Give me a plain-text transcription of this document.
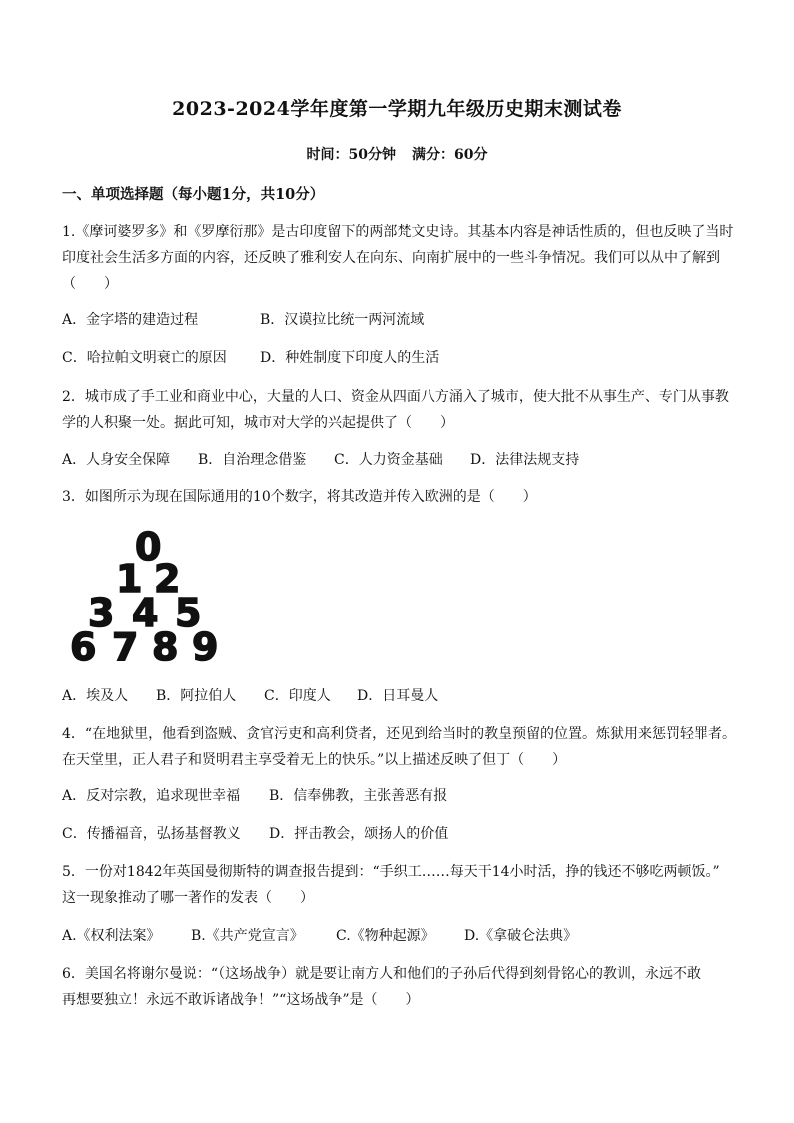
2023-2024学年度第一学期九年级历史期末测试卷
时间：50分钟 满分：60分
一、单项选择题（每小题1分，共10分）
1.《摩诃婆罗多》和《罗摩衍那》是古印度留下的两部梵文史诗。其基本内容是神话性质的，但也反映了当时
印度社会生活多方面的内容，还反映了雅利安人在向东、向南扩展中的一些斗争情况。我们可以从中了解到
（　　）
A．金字塔的建造过程	B．汉谟拉比统一两河流域
C．哈拉帕文明衰亡的原因 D．种姓制度下印度人的生活
2．城市成了手工业和商业中心，大量的人口、资金从四面八方涌入了城市，使大批不从事生产、专门从事教
学的人积聚一处。据此可知，城市对大学的兴起提供了（　　）
A．人身安全保障 B．自治理念借鉴 C．人力资金基础 D．法律法规支持
3．如图所示为现在国际通用的10个数字，将其改造并传入欧洲的是（　　）
0
1 2
3 4 5
6 7 8 9
A．埃及人 B．阿拉伯人 C．印度人 D．日耳曼人
4．“在地狱里，他看到盗贼、贪官污吏和高利贷者，还见到给当时的教皇预留的位置。炼狱用来惩罚轻罪者。
在天堂里，正人君子和贤明君主享受着无上的快乐。”以上描述反映了但丁（　　）
A．反对宗教，追求现世幸福 B．信奉佛教，主张善恶有报
C．传播福音，弘扬基督教义 D．抨击教会，颂扬人的价值
5．一份对1842年英国曼彻斯特的调查报告提到：“手织工……每天干14小时活，挣的钱还不够吃两顿饭。”
这一现象推动了哪一著作的发表（　　）
A.《权利法案》 B.《共产党宣言》 C.《物种起源》 D.《拿破仑法典》
6．美国名将谢尔曼说：“（这场战争）就是要让南方人和他们的子孙后代得到刻骨铭心的教训，永远不敢
再想要独立！永远不敢诉诸战争！”“这场战争”是（　　）
